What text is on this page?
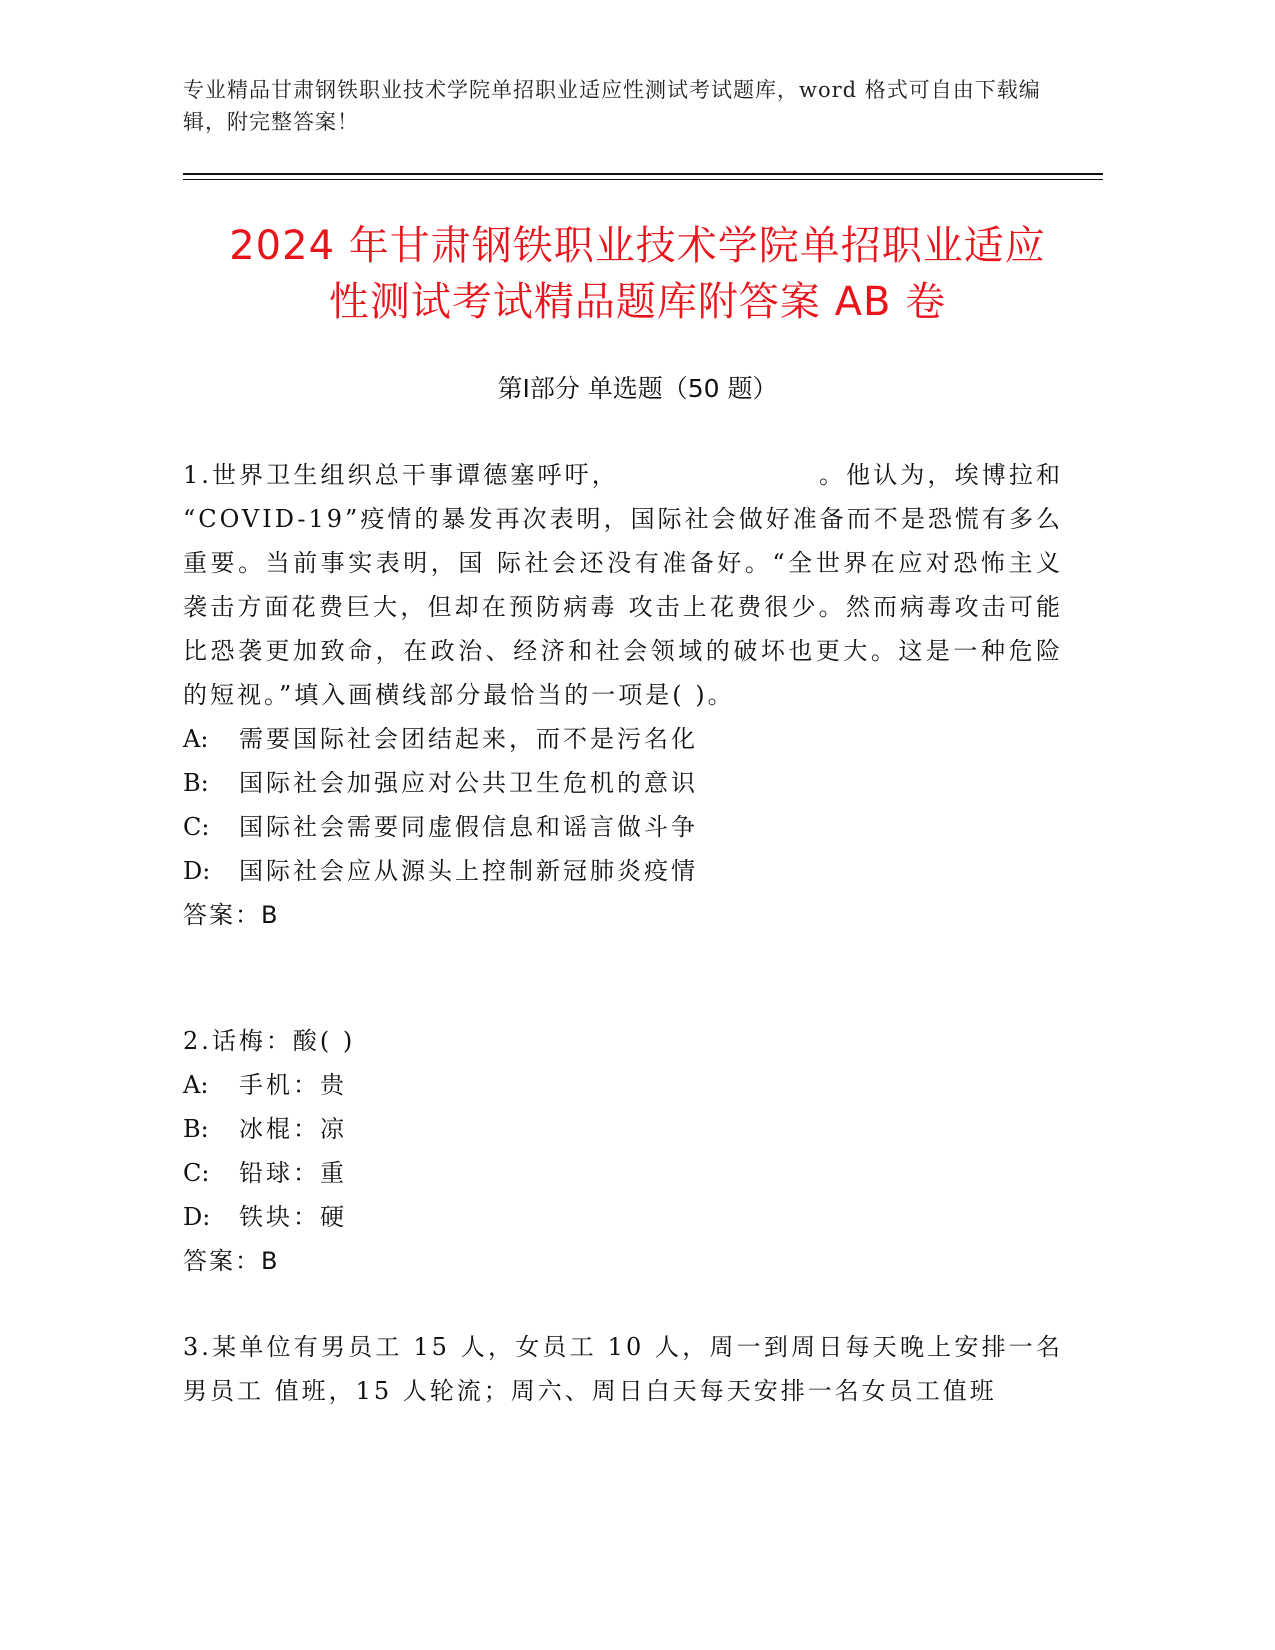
专业精品甘肃钢铁职业技术学院单招职业适应性测试考试题库，word 格式可自由下载编辑，附完整答案！
2024 年甘肃钢铁职业技术学院单招职业适应
性测试考试精品题库附答案 AB 卷
第Ⅰ部分 单选题（50 题）
1.世界卫生组织总干事谭德塞呼吁，	。他认为，埃博拉和 “COVID-19”疫情的暴发再次表明，国际社会做好准备而不是恐慌有多么重要。当前事实表明，国 际社会还没有准备好。“全世界在应对恐怖主义袭击方面花费巨大，但却在预防病毒 攻击上花费很少。然而病毒攻击可能比恐袭更加致命，在政治、经济和社会领域的破坏也更大。这是一种危险的短视。”填入画横线部分最恰当的一项是( )。
A: 需要国际社会团结起来，而不是污名化
B: 国际社会加强应对公共卫生危机的意识
C: 国际社会需要同虚假信息和谣言做斗争
D: 国际社会应从源头上控制新冠肺炎疫情
答案：B
2.话梅：酸( )
A: 手机：贵
B: 冰棍：凉
C: 铅球：重
D: 铁块：硬
答案：B
3.某单位有男员工 15 人，女员工 10 人，周一到周日每天晚上安排一名男员工 值班，15 人轮流；周六、周日白天每天安排一名女员工值班
